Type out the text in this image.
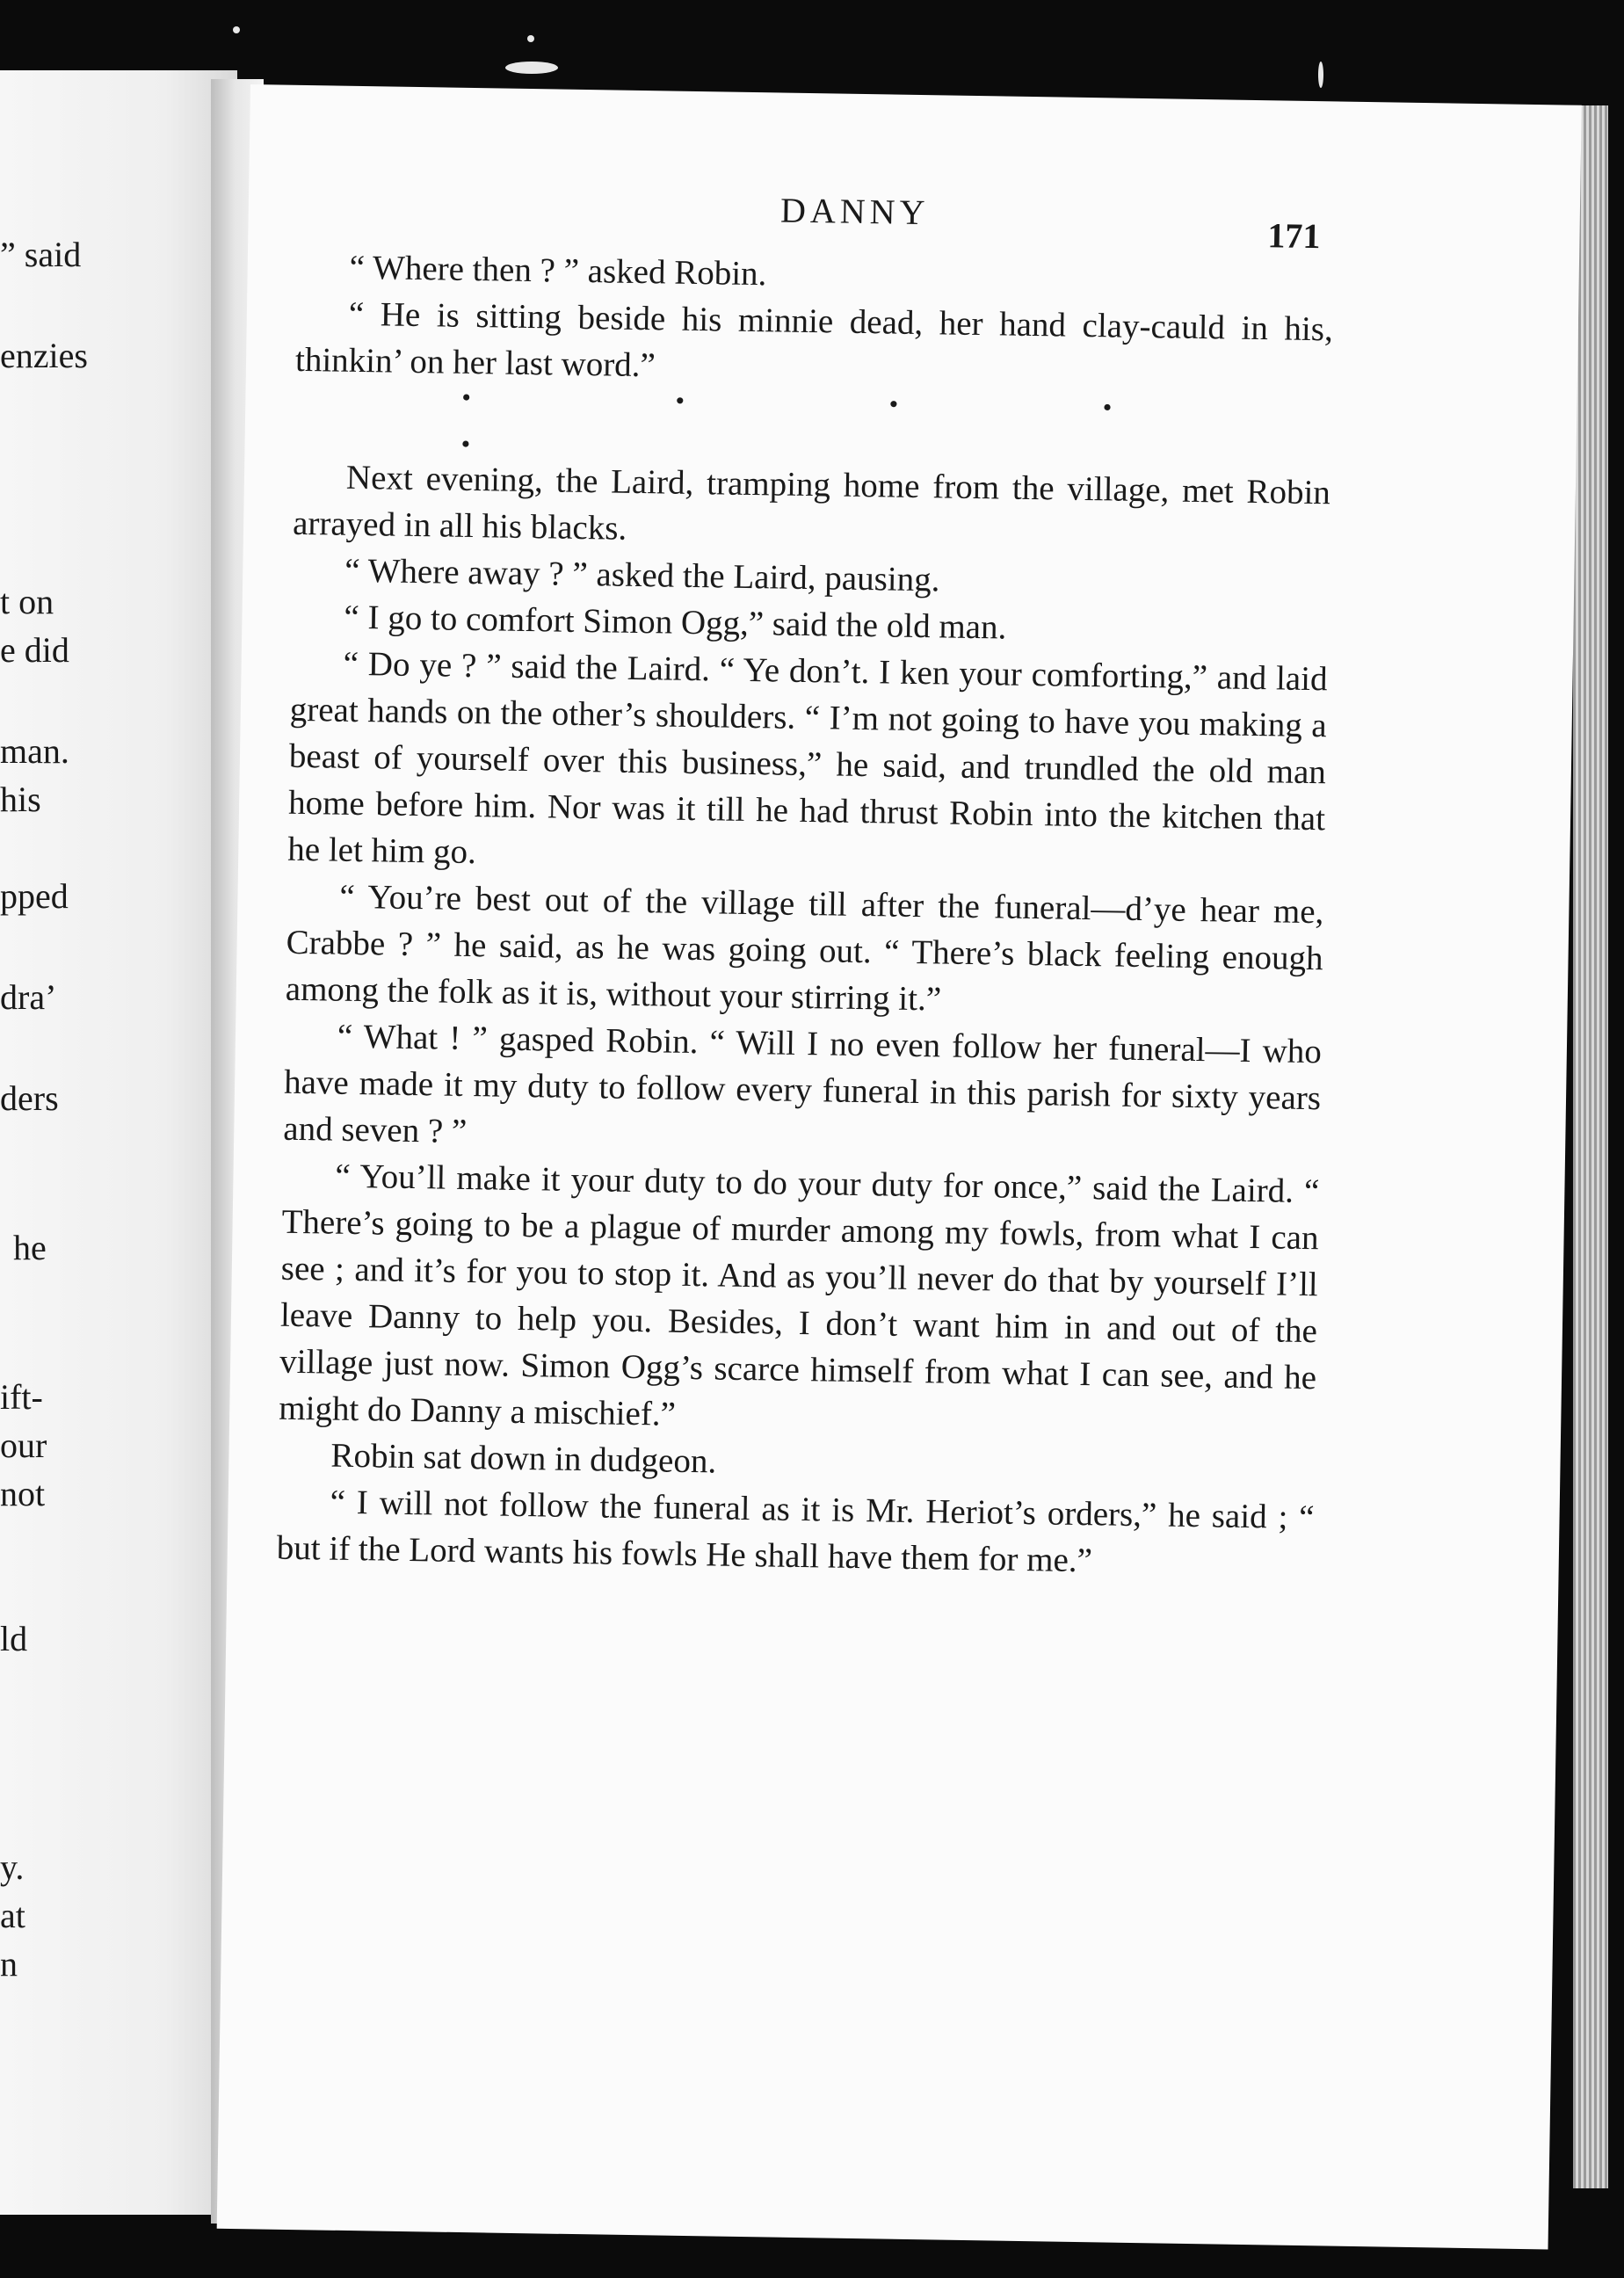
” said
enzies
t on
e did
man.
his
pped
dra’
ders
he
ift-
our
not
ld
y.
at
n
DANNY
171

“ Where then ? ” asked Robin.

“ He is sitting beside his minnie dead, her hand clay-cauld in his, thinkin’ on her last word.”

• • • • •

Next evening, the Laird, tramping home from the village, met Robin arrayed in all his blacks.

“ Where away ? ” asked the Laird, pausing.

“ I go to comfort Simon Ogg,” said the old man.

“ Do ye ? ” said the Laird. “ Ye don’t. I ken your comforting,” and laid great hands on the other’s shoulders. “ I’m not going to have you making a beast of yourself over this business,” he said, and trundled the old man home before him. Nor was it till he had thrust Robin into the kitchen that he let him go.

“ You’re best out of the village till after the funeral—d’ye hear me, Crabbe ? ” he said, as he was going out. “ There’s black feeling enough among the folk as it is, without your stirring it.”

“ What ! ” gasped Robin. “ Will I no even follow her funeral—I who have made it my duty to follow every funeral in this parish for sixty years and seven ? ”

“ You’ll make it your duty to do your duty for once,” said the Laird. “ There’s going to be a plague of murder among my fowls, from what I can see ; and it’s for you to stop it. And as you’ll never do that by yourself I’ll leave Danny to help you. Besides, I don’t want him in and out of the village just now. Simon Ogg’s scarce himself from what I can see, and he might do Danny a mischief.”

Robin sat down in dudgeon.

“ I will not follow the funeral as it is Mr. Heriot’s orders,” he said ; “ but if the Lord wants his fowls He shall have them for me.”
